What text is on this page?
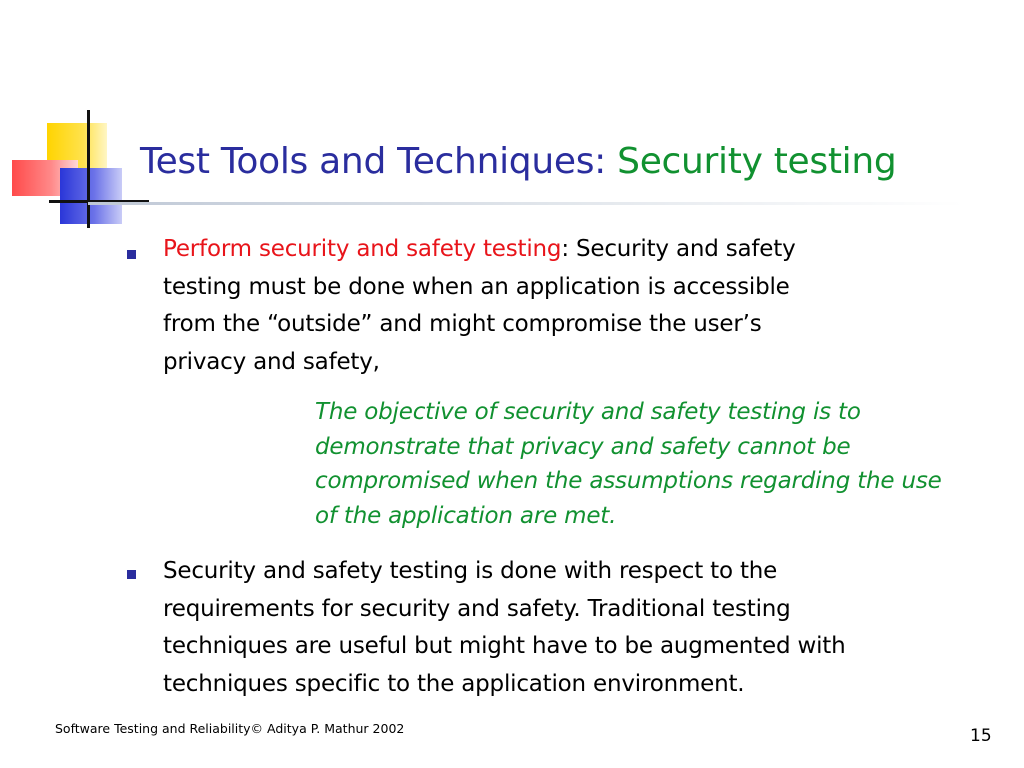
Test Tools and Techniques: Security testing

Perform security and safety testing: Security and safety
testing must be done when an application is accessible
from the “outside” and might compromise the user’s
privacy and safety,

The objective of security and safety testing is to
demonstrate that privacy and safety cannot be
compromised when the assumptions regarding the use
of the application are met.

Security and safety testing is done with respect to the
requirements for security and safety. Traditional testing
techniques are useful but might have to be augmented with
techniques specific to the application environment.

Software Testing and Reliability© Aditya P. Mathur 2002	15
